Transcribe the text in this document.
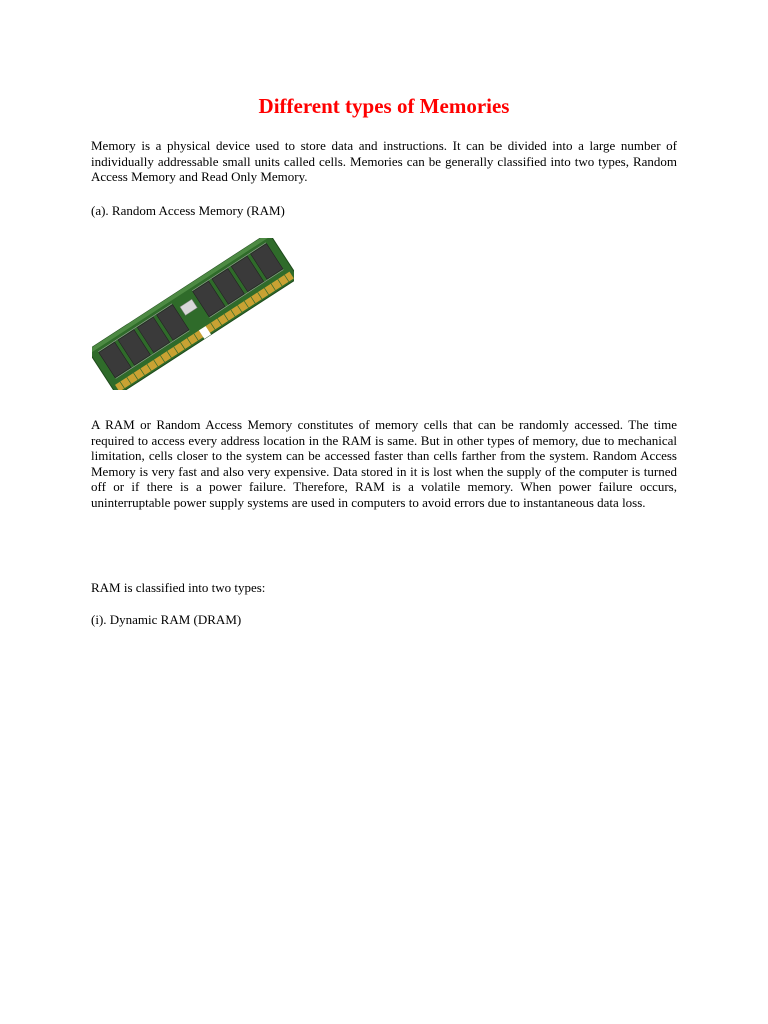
Different types of Memories

Memory is a physical device used to store data and instructions. It can be divided into a large number of individually addressable small units called cells. Memories can be generally classified into two types, Random Access Memory and Read Only Memory.

(a). Random Access Memory (RAM)

A RAM or Random Access Memory constitutes of memory cells that can be randomly accessed. The time required to access every address location in the RAM is same. But in other types of memory, due to mechanical limitation, cells closer to the system can be accessed faster than cells farther from the system. Random Access Memory is very fast and also very expensive. Data stored in it is lost when the supply of the computer is turned off or if there is a power failure. Therefore, RAM is a volatile memory. When power failure occurs, uninterruptable power supply systems are used in computers to avoid errors due to instantaneous data loss.

RAM is classified into two types:

(i). Dynamic RAM (DRAM)
